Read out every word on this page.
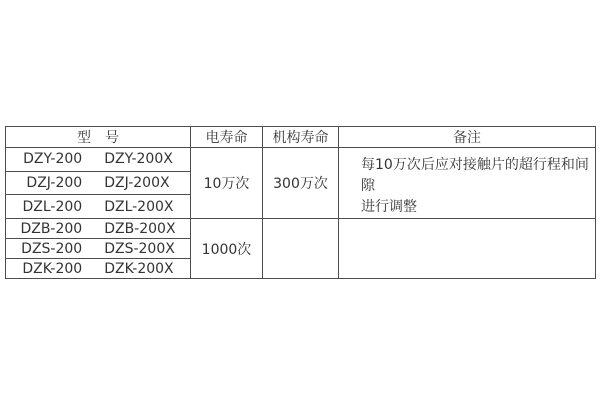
型　号	电寿命	机构寿命	备注
DZY-200 DZY-200X	10万次	300万次	每10万次后应对接触片的超行程和间隙
进行调整

DZJ-200 DZJ-200X			
DZL-200 DZL-200X			
DZB-200 DZB-200X	1000次		

DZS-200 DZS-200X			
DZK-200 DZK-200X			
